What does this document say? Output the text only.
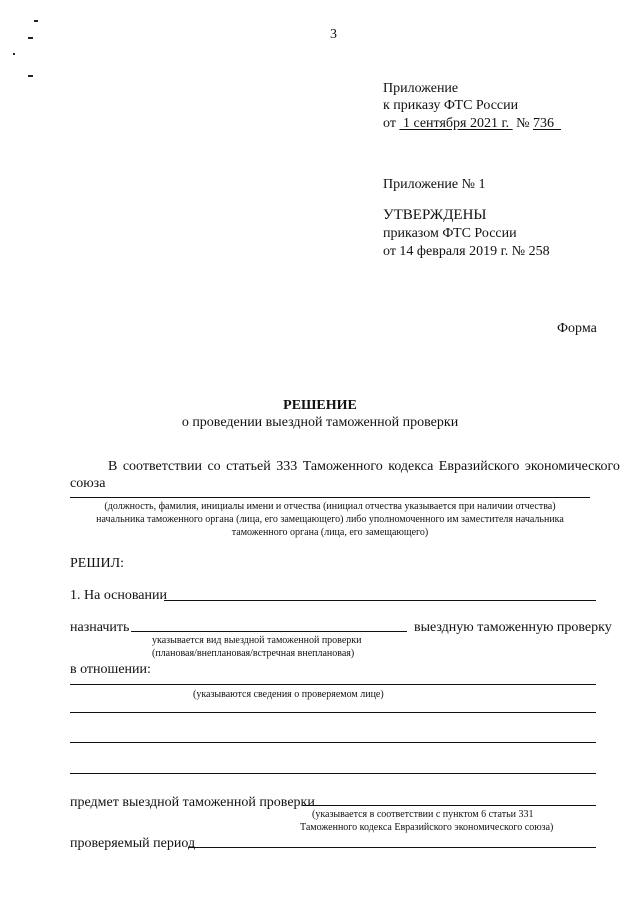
3
Приложение
к приказу ФТС России
от 1 сентября 2021 г. № 736
Приложение № 1
УТВЕРЖДЕНЫ
приказом ФТС России
от 14 февраля 2019 г. № 258
Форма
РЕШЕНИЕ
о проведении выездной таможенной проверки
В соответствии со статьей 333 Таможенного кодекса Евразийского экономического
союза
(должность, фамилия, инициалы имени и отчества (инициал отчества указывается при наличии отчества)
начальника таможенного органа (лица, его замещающего) либо уполномоченного им заместителя начальника
таможенного органа (лица, его замещающего)
РЕШИЛ:
1. На основании
назначить	выездную таможенную проверку
указывается вид выездной таможенной проверки
(плановая/внеплановая/встречная внеплановая)
в отношении:
(указываются сведения о проверяемом лице)
предмет выездной таможенной проверки
(указывается в соответствии с пунктом 6 статьи 331
Таможенного кодекса Евразийского экономического союза)
проверяемый период
